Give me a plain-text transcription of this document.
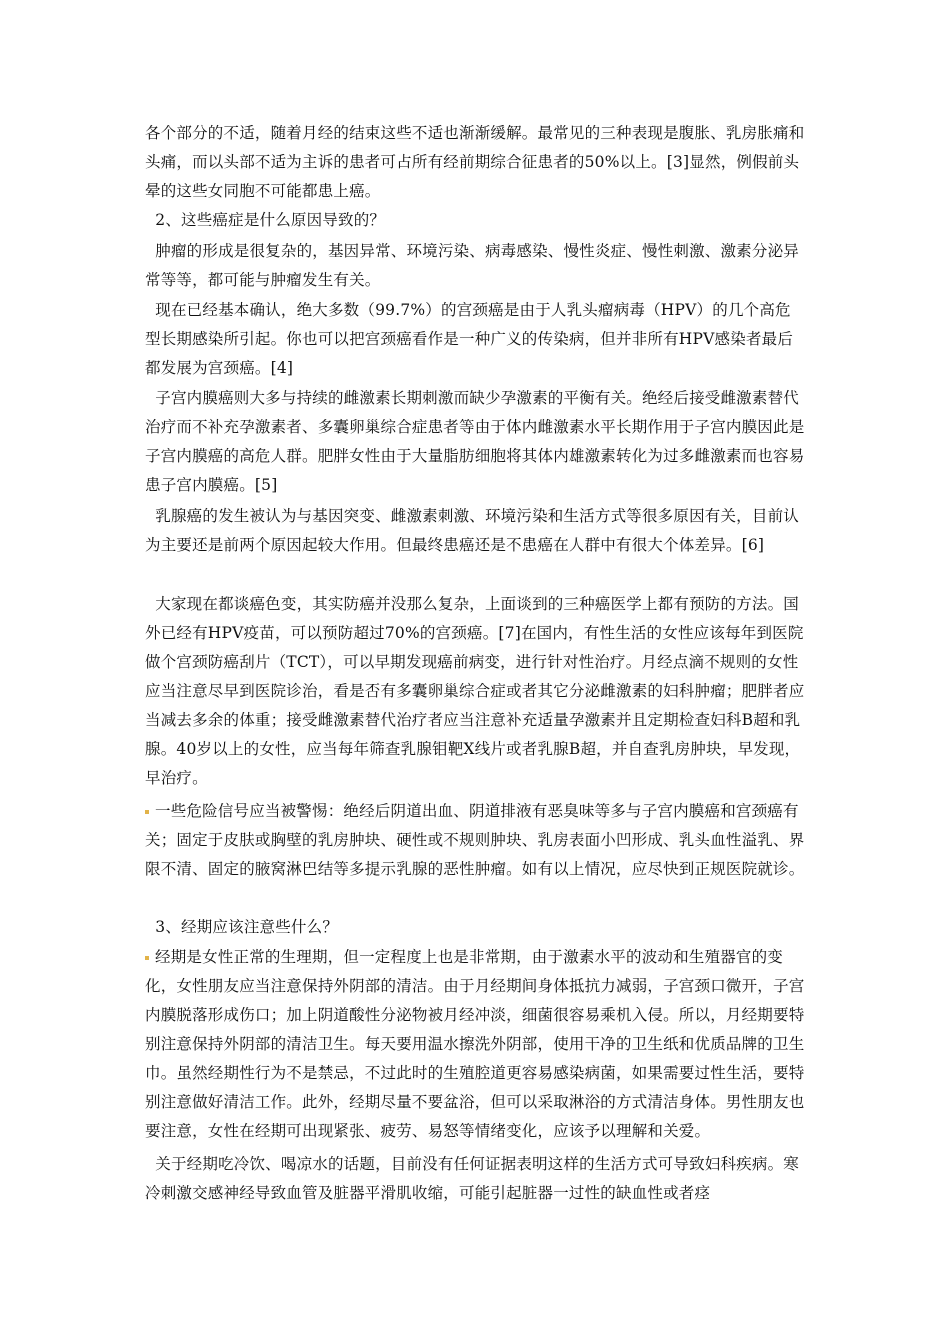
各个部分的不适，随着月经的结束这些不适也渐渐缓解。最常见的三种表现是腹胀、乳房胀痛和头痛，而以头部不适为主诉的患者可占所有经前期综合征患者的50%以上。[3]显然，例假前头晕的这些女同胞不可能都患上癌。
2、这些癌症是什么原因导致的？
肿瘤的形成是很复杂的，基因异常、环境污染、病毒感染、慢性炎症、慢性刺激、激素分泌异常等等，都可能与肿瘤发生有关。
现在已经基本确认，绝大多数（99.7%）的宫颈癌是由于人乳头瘤病毒（HPV）的几个高危型长期感染所引起。你也可以把宫颈癌看作是一种广义的传染病，但并非所有HPV感染者最后都发展为宫颈癌。[4]
子宫内膜癌则大多与持续的雌激素长期刺激而缺少孕激素的平衡有关。绝经后接受雌激素替代治疗而不补充孕激素者、多囊卵巢综合症患者等由于体内雌激素水平长期作用于子宫内膜因此是子宫内膜癌的高危人群。肥胖女性由于大量脂肪细胞将其体内雄激素转化为过多雌激素而也容易患子宫内膜癌。[5]
乳腺癌的发生被认为与基因突变、雌激素刺激、环境污染和生活方式等很多原因有关，目前认为主要还是前两个原因起较大作用。但最终患癌还是不患癌在人群中有很大个体差异。[6]
大家现在都谈癌色变，其实防癌并没那么复杂，上面谈到的三种癌医学上都有预防的方法。国外已经有HPV疫苗，可以预防超过70%的宫颈癌。[7]在国内，有性生活的女性应该每年到医院做个宫颈防癌刮片（TCT），可以早期发现癌前病变，进行针对性治疗。月经点滴不规则的女性应当注意尽早到医院诊治，看是否有多囊卵巢综合症或者其它分泌雌激素的妇科肿瘤；肥胖者应当减去多余的体重；接受雌激素替代治疗者应当注意补充适量孕激素并且定期检查妇科B超和乳腺。40岁以上的女性，应当每年筛查乳腺钼靶X线片或者乳腺B超，并自查乳房肿块，早发现，早治疗。
一些危险信号应当被警惕：绝经后阴道出血、阴道排液有恶臭味等多与子宫内膜癌和宫颈癌有关；固定于皮肤或胸壁的乳房肿块、硬性或不规则肿块、乳房表面小凹形成、乳头血性溢乳、界限不清、固定的腋窝淋巴结等多提示乳腺的恶性肿瘤。如有以上情况，应尽快到正规医院就诊。
3、经期应该注意些什么？
经期是女性正常的生理期，但一定程度上也是非常期，由于激素水平的波动和生殖器官的变化，女性朋友应当注意保持外阴部的清洁。由于月经期间身体抵抗力减弱，子宫颈口微开，子宫内膜脱落形成伤口；加上阴道酸性分泌物被月经冲淡，细菌很容易乘机入侵。所以，月经期要特别注意保持外阴部的清洁卫生。每天要用温水擦洗外阴部，使用干净的卫生纸和优质品牌的卫生巾。虽然经期性行为不是禁忌，不过此时的生殖腔道更容易感染病菌，如果需要过性生活，要特别注意做好清洁工作。此外，经期尽量不要盆浴，但可以采取淋浴的方式清洁身体。男性朋友也要注意，女性在经期可出现紧张、疲劳、易怒等情绪变化，应该予以理解和关爱。
关于经期吃冷饮、喝凉水的话题，目前没有任何证据表明这样的生活方式可导致妇科疾病。寒冷刺激交感神经导致血管及脏器平滑肌收缩，可能引起脏器一过性的缺血性或者痉
